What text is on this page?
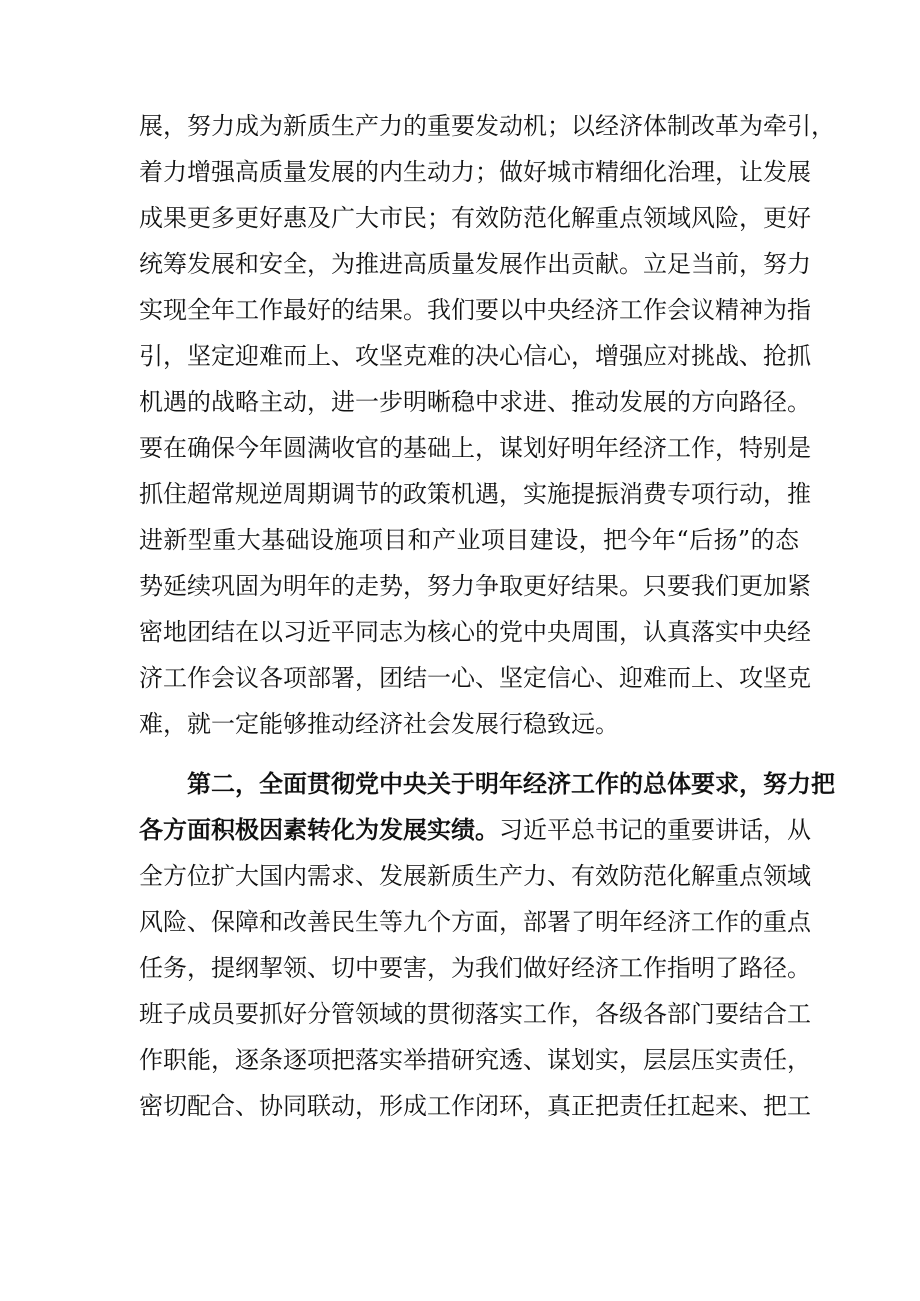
展，努力成为新质生产力的重要发动机；以经济体制改革为牵引，
着力增强高质量发展的内生动力；做好城市精细化治理，让发展
成果更多更好惠及广大市民；有效防范化解重点领域风险，更好
统筹发展和安全，为推进高质量发展作出贡献。立足当前，努力
实现全年工作最好的结果。我们要以中央经济工作会议精神为指
引，坚定迎难而上、攻坚克难的决心信心，增强应对挑战、抢抓
机遇的战略主动，进一步明晰稳中求进、推动发展的方向路径。
要在确保今年圆满收官的基础上，谋划好明年经济工作，特别是
抓住超常规逆周期调节的政策机遇，实施提振消费专项行动，推
进新型重大基础设施项目和产业项目建设，把今年“后扬”的态
势延续巩固为明年的走势，努力争取更好结果。只要我们更加紧
密地团结在以习近平同志为核心的党中央周围，认真落实中央经
济工作会议各项部署，团结一心、坚定信心、迎难而上、攻坚克
难，就一定能够推动经济社会发展行稳致远。
第二，全面贯彻党中央关于明年经济工作的总体要求，努力把
各方面积极因素转化为发展实绩。习近平总书记的重要讲话，从
全方位扩大国内需求、发展新质生产力、有效防范化解重点领域
风险、保障和改善民生等九个方面，部署了明年经济工作的重点
任务，提纲挈领、切中要害，为我们做好经济工作指明了路径。
班子成员要抓好分管领域的贯彻落实工作，各级各部门要结合工
作职能，逐条逐项把落实举措研究透、谋划实，层层压实责任，
密切配合、协同联动，形成工作闭环，真正把责任扛起来、把工
